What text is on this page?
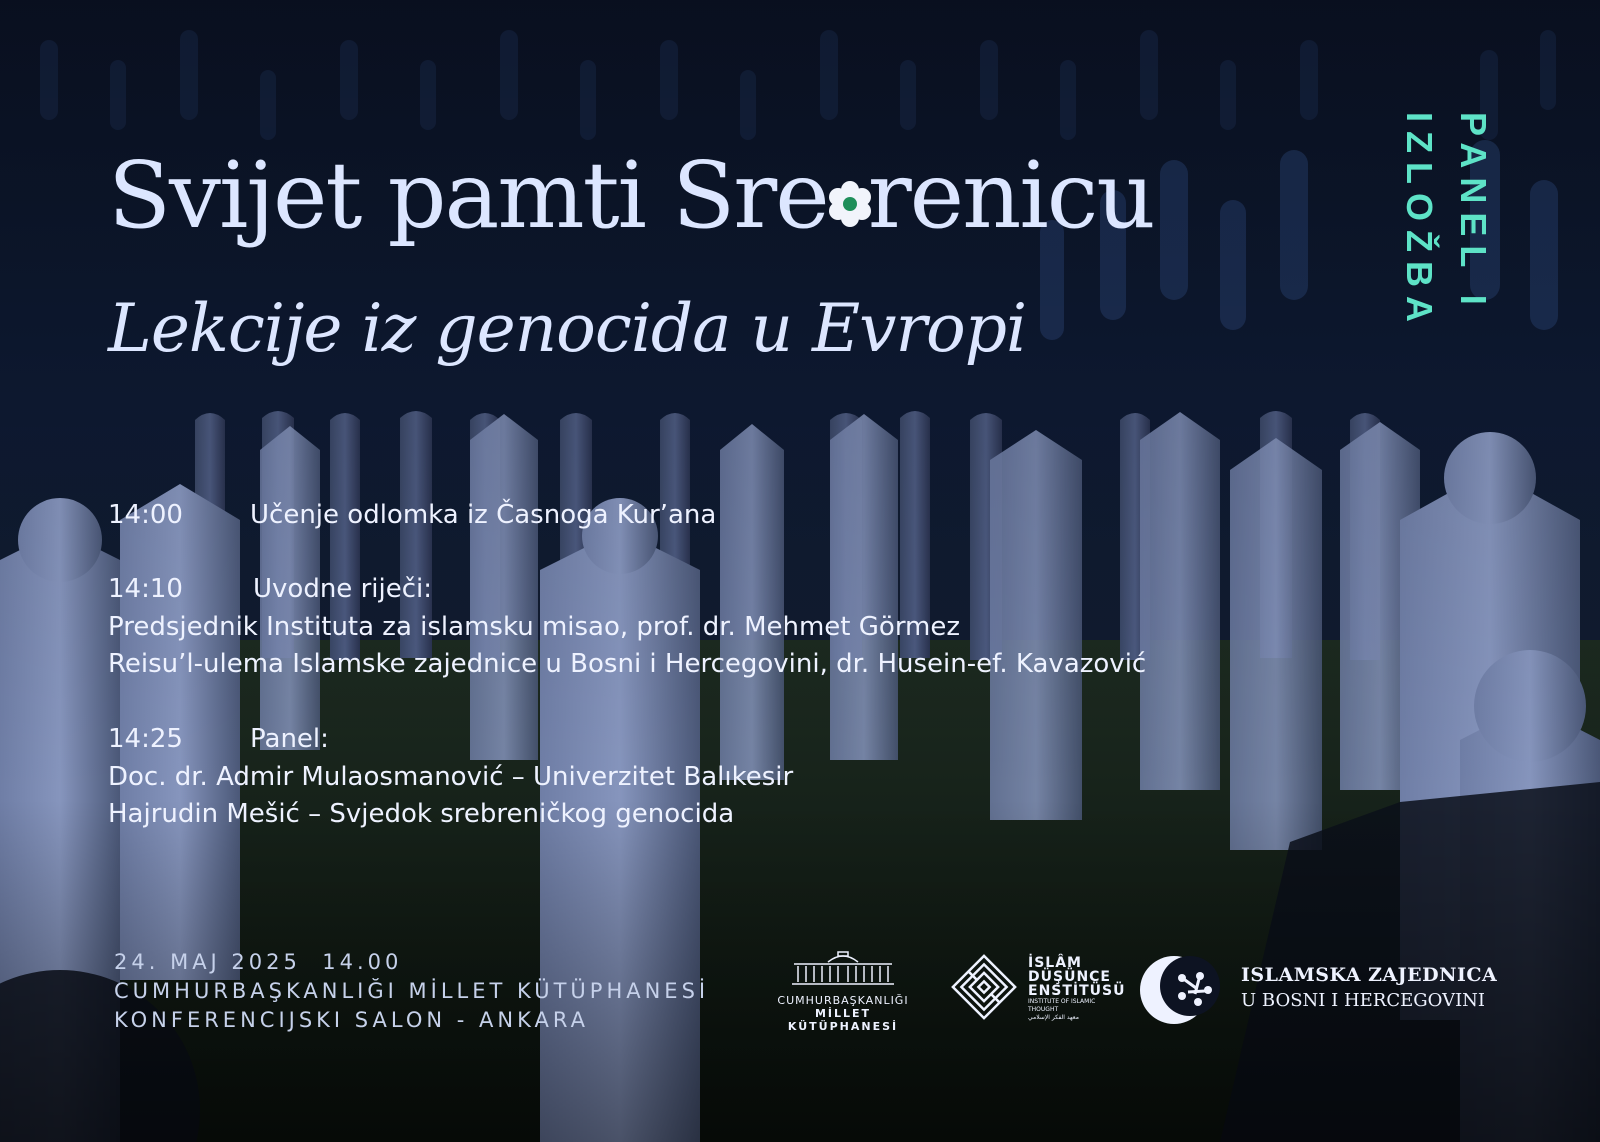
Svijet pamti Sre renicu
Lekcije iz genocida u Evropi
PANEL I
IZLOŽBA
14:00	Učenje odlomka iz Časnoga Kur’ana
14:10	Uvodne riječi:
Predsjednik Instituta za islamsku misao, prof. dr. Mehmet Görmez
Reisu’l-ulema Islamske zajednice u Bosni i Hercegovini, dr. Husein-ef. Kavazović
14:25	Panel:
Doc. dr. Admir Mulaosmanović – Univerzitet Balıkesir
Hajrudin Mešić – Svjedok srebreničkog genocida
24. MAJ 2025  14.00
CUMHURBAŞKANLIĞI MİLLET KÜTÜPHANESİ
KONFERENCIJSKI SALON - ANKARA
CUMHURBAŞKANLIĞI
MİLLET KÜTÜPHANESİ
İSLÂM
DÜŞÜNCE
ENSTİTÜSÜ
INSTITUTE OF ISLAMIC THOUGHT
معهد الفكر الإسلامي
ISLAMSKA ZAJEDNICA
U BOSNI I HERCEGOVINI
